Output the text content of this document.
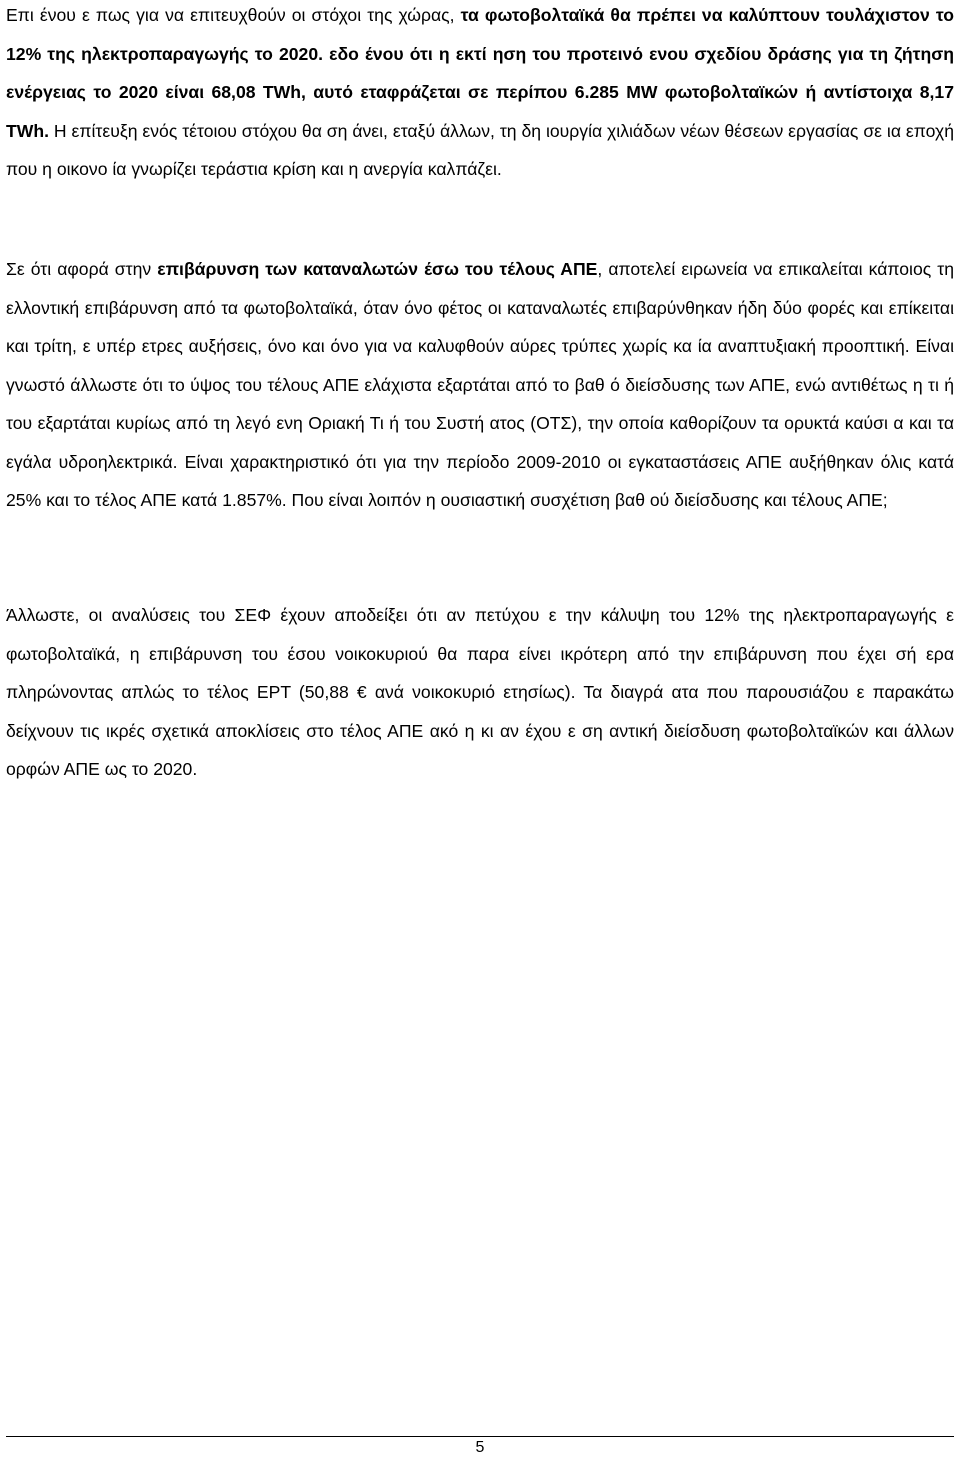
Επι ένου ε πως για να επιτευχθούν οι στόχοι της χώρας, τα φωτοβολταϊκά θα πρέπει να καλύπτουν τουλάχιστον το 12% της ηλεκτροπαραγωγής το 2020. εδο ένου ότι η εκτί ηση του προτεινό ενου σχεδίου δράσης για τη ζήτηση ενέργειας το 2020 είναι 68,08 TWh, αυτό εταφράζεται σε περίπου 6.285 MW φωτοβολταϊκών ή αντίστοιχα 8,17 TWh. Η επίτευξη ενός τέτοιου στόχου θα ση άνει, εταξύ άλλων, τη δη ιουργία χιλιάδων νέων θέσεων εργασίας σε ια εποχή που η οικονο ία γνωρίζει τεράστια κρίση και η ανεργία καλπάζει.

Σε ότι αφορά στην επιβάρυνση των καταναλωτών έσω του τέλους ΑΠΕ, αποτελεί ειρωνεία να επικαλείται κάποιος τη ελλοντική επιβάρυνση από τα φωτοβολταϊκά, όταν όνο φέτος οι καταναλωτές επιβαρύνθηκαν ήδη δύο φορές και επίκειται και τρίτη, ε υπέρ ετρες αυξήσεις, όνο και όνο για να καλυφθούν αύρες τρύπες χωρίς κα ία αναπτυξιακή προοπτική. Είναι γνωστό άλλωστε ότι το ύψος του τέλους ΑΠΕ ελάχιστα εξαρτάται από το βαθ ό διείσδυσης των ΑΠΕ, ενώ αντιθέτως η τι ή του εξαρτάται κυρίως από τη λεγό ενη Οριακή Τι ή του Συστή ατος (ΟΤΣ), την οποία καθορίζουν τα ορυκτά καύσι α και τα εγάλα υδροηλεκτρικά. Είναι χαρακτηριστικό ότι για την περίοδο 2009-2010 οι εγκαταστάσεις ΑΠΕ αυξήθηκαν όλις κατά 25% και το τέλος ΑΠΕ κατά 1.857%. Που είναι λοιπόν η ουσιαστική συσχέτιση βαθ ού διείσδυσης και τέλους ΑΠΕ;

Άλλωστε, οι αναλύσεις του ΣΕΦ έχουν αποδείξει ότι αν πετύχου ε την κάλυψη του 12% της ηλεκτροπαραγωγής ε φωτοβολταϊκά, η επιβάρυνση του έσου νοικοκυριού θα παρα είνει ικρότερη από την επιβάρυνση που έχει σή ερα πληρώνοντας απλώς το τέλος ΕΡΤ (50,88 € ανά νοικοκυριό ετησίως). Τα διαγρά ατα που παρουσιάζου ε παρακάτω δείχνουν τις ικρές σχετικά αποκλίσεις στο τέλος ΑΠΕ ακό η κι αν έχου ε ση αντική διείσδυση φωτοβολταϊκών και άλλων ορφών ΑΠΕ ως το 2020.

5
